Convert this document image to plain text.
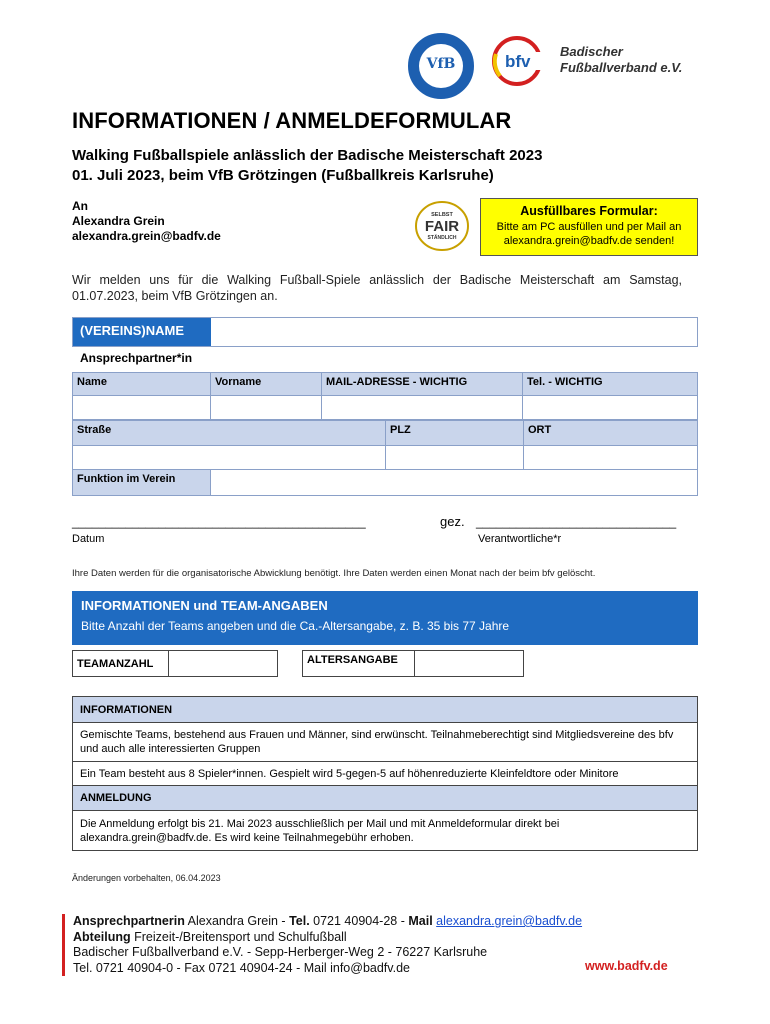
VfB	bfv
Badischer
Fußballverband e.V.
INFORMATIONEN / ANMELDEFORMULAR
Walking Fußballspiele anlässlich der Badische Meisterschaft 2023
01. Juli 2023, beim VfB Grötzingen (Fußballkreis Karlsruhe)
An
Alexandra Grein
alexandra.grein@badfv.de
SELBST
FAIR
STÄNDLICH
Ausfüllbares Formular:
Bitte am PC ausfüllen und per Mail an
alexandra.grein@badfv.de senden!
Wir melden uns für die Walking Fußball-Spiele anlässlich der Badische Meisterschaft am Samstag, 01.07.2023, beim VfB Grötzingen an.
(VEREINS)NAME
Ansprechpartner*in
Name	Vorname	MAIL-ADRESSE - WICHTIG	Tel. - WICHTIG

Straße	PLZ	ORT

Funktion im Verein	
____________________________________________	gez. ______________________________
Datum	Verantwortliche*r
Ihre Daten werden für die organisatorische Abwicklung benötigt. Ihre Daten werden einen Monat nach der beim bfv gelöscht.
INFORMATIONEN und TEAM-ANGABEN
Bitte Anzahl der Teams angeben und die Ca.-Altersangabe, z. B. 35 bis 77 Jahre
TEAMANZAHL		ALTERSANGABE	
INFORMATIONEN
Gemischte Teams, bestehend aus Frauen und Männer, sind erwünscht. Teilnahmeberechtigt sind Mitgliedsvereine des bfv und auch alle interessierten Gruppen
Ein Team besteht aus 8 Spieler*innen. Gespielt wird 5-gegen-5 auf höhenreduzierte Kleinfeldtore oder Minitore
ANMELDUNG
Die Anmeldung erfolgt bis 21. Mai 2023 ausschließlich per Mail und mit Anmeldeformular direkt bei alexandra.grein@badfv.de. Es wird keine Teilnahmegebühr erhoben.
Änderungen vorbehalten, 06.04.2023
Ansprechpartnerin Alexandra Grein - Tel. 0721 40904-28 - Mail alexandra.grein@badfv.de
Abteilung Freizeit-/Breitensport und Schulfußball
Badischer Fußballverband e.V. - Sepp-Herberger-Weg 2 - 76227 Karlsruhe
Tel. 0721 40904-0 - Fax 0721 40904-24 - Mail info@badfv.de	www.badfv.de
